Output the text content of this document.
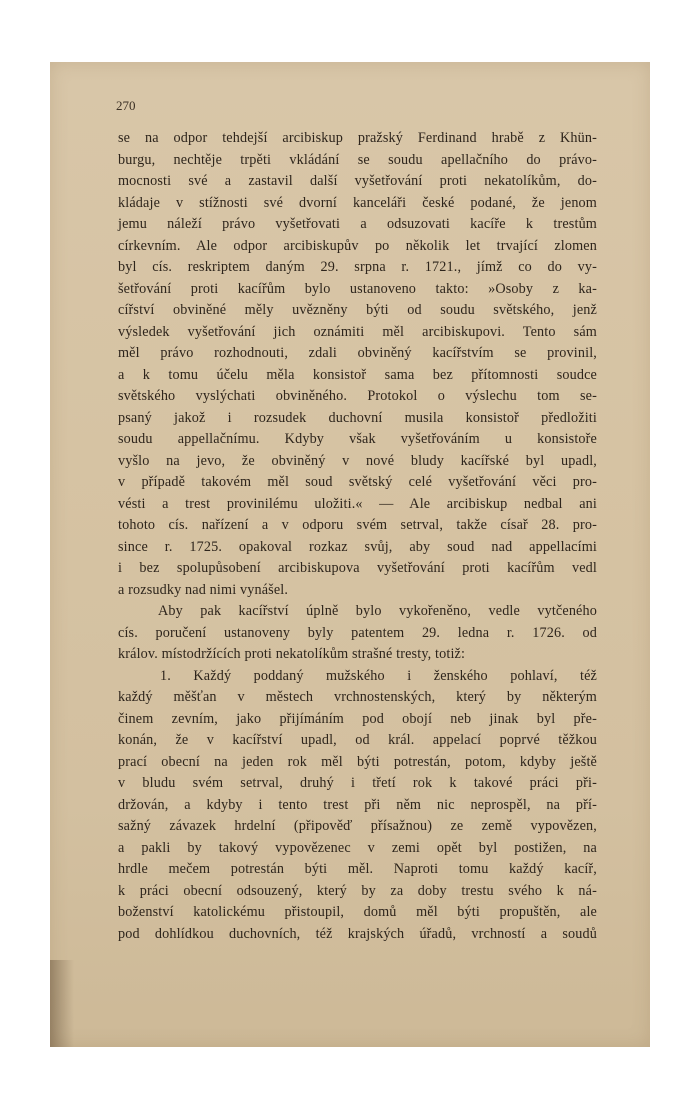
270

se na odpor tehdejší arcibiskup pražský Ferdinand hrabě z Khün-
burgu, nechtěje trpěti vkládání se soudu apellačního do právo-
mocnosti své a zastavil další vyšetřování proti nekatolíkům, do-
kládaje v stížnosti své dvorní kanceláři české podané, že jenom
jemu náleží právo vyšetřovati a odsuzovati kacíře k trestům
církevním. Ale odpor arcibiskupův po několik let trvající zlomen
byl cís. reskriptem daným 29. srpna r. 1721., jímž co do vy-
šetřování proti kacířům bylo ustanoveno takto: »Osoby z ka-
cířství obviněné měly uvězněny býti od soudu světského, jenž
výsledek vyšetřování jich oznámiti měl arcibiskupovi. Tento sám
měl právo rozhodnouti, zdali obviněný kacířstvím se provinil,
a k tomu účelu měla konsistoř sama bez přítomnosti soudce
světského vyslýchati obviněného. Protokol o výslechu tom se-
psaný jakož i rozsudek duchovní musila konsistoř předložiti
soudu appellačnímu. Kdyby však vyšetřováním u konsistoře
vyšlo na jevo, že obviněný v nové bludy kacířské byl upadl,
v případě takovém měl soud světský celé vyšetřování věci pro-
vésti a trest provinilému uložiti.« — Ale arcibiskup nedbal ani
tohoto cís. nařízení a v odporu svém setrval, takže císař 28. pro-
since r. 1725. opakoval rozkaz svůj, aby soud nad appellacími
i bez spolupůsobení arcibiskupova vyšetřování proti kacířům vedl
a rozsudky nad nimi vynášel.
Aby pak kacířství úplně bylo vykořeněno, vedle vytčeného
cís. poručení ustanoveny byly patentem 29. ledna r. 1726. od
králov. místodržících proti nekatolíkům strašné tresty, totiž:
1. Každý poddaný mužského i ženského pohlaví, též
každý měšťan v městech vrchnostenských, který by některým
činem zevním, jako přijímáním pod obojí neb jinak byl pře-
konán, že v kacířství upadl, od král. appelací poprvé těžkou
prací obecní na jeden rok měl býti potrestán, potom, kdyby ještě
v bludu svém setrval, druhý i třetí rok k takové práci při-
držován, a kdyby i tento trest při něm nic neprospěl, na pří-
sažný závazek hrdelní (připověď přísažnou) ze země vypovězen,
a pakli by takový vypovězenec v zemi opět byl postižen, na
hrdle mečem potrestán býti měl. Naproti tomu každý kacíř,
k práci obecní odsouzený, který by za doby trestu svého k ná-
boženství katolickému přistoupil, domů měl býti propuštěn, ale
pod dohlídkou duchovních, též krajských úřadů, vrchností a soudů
